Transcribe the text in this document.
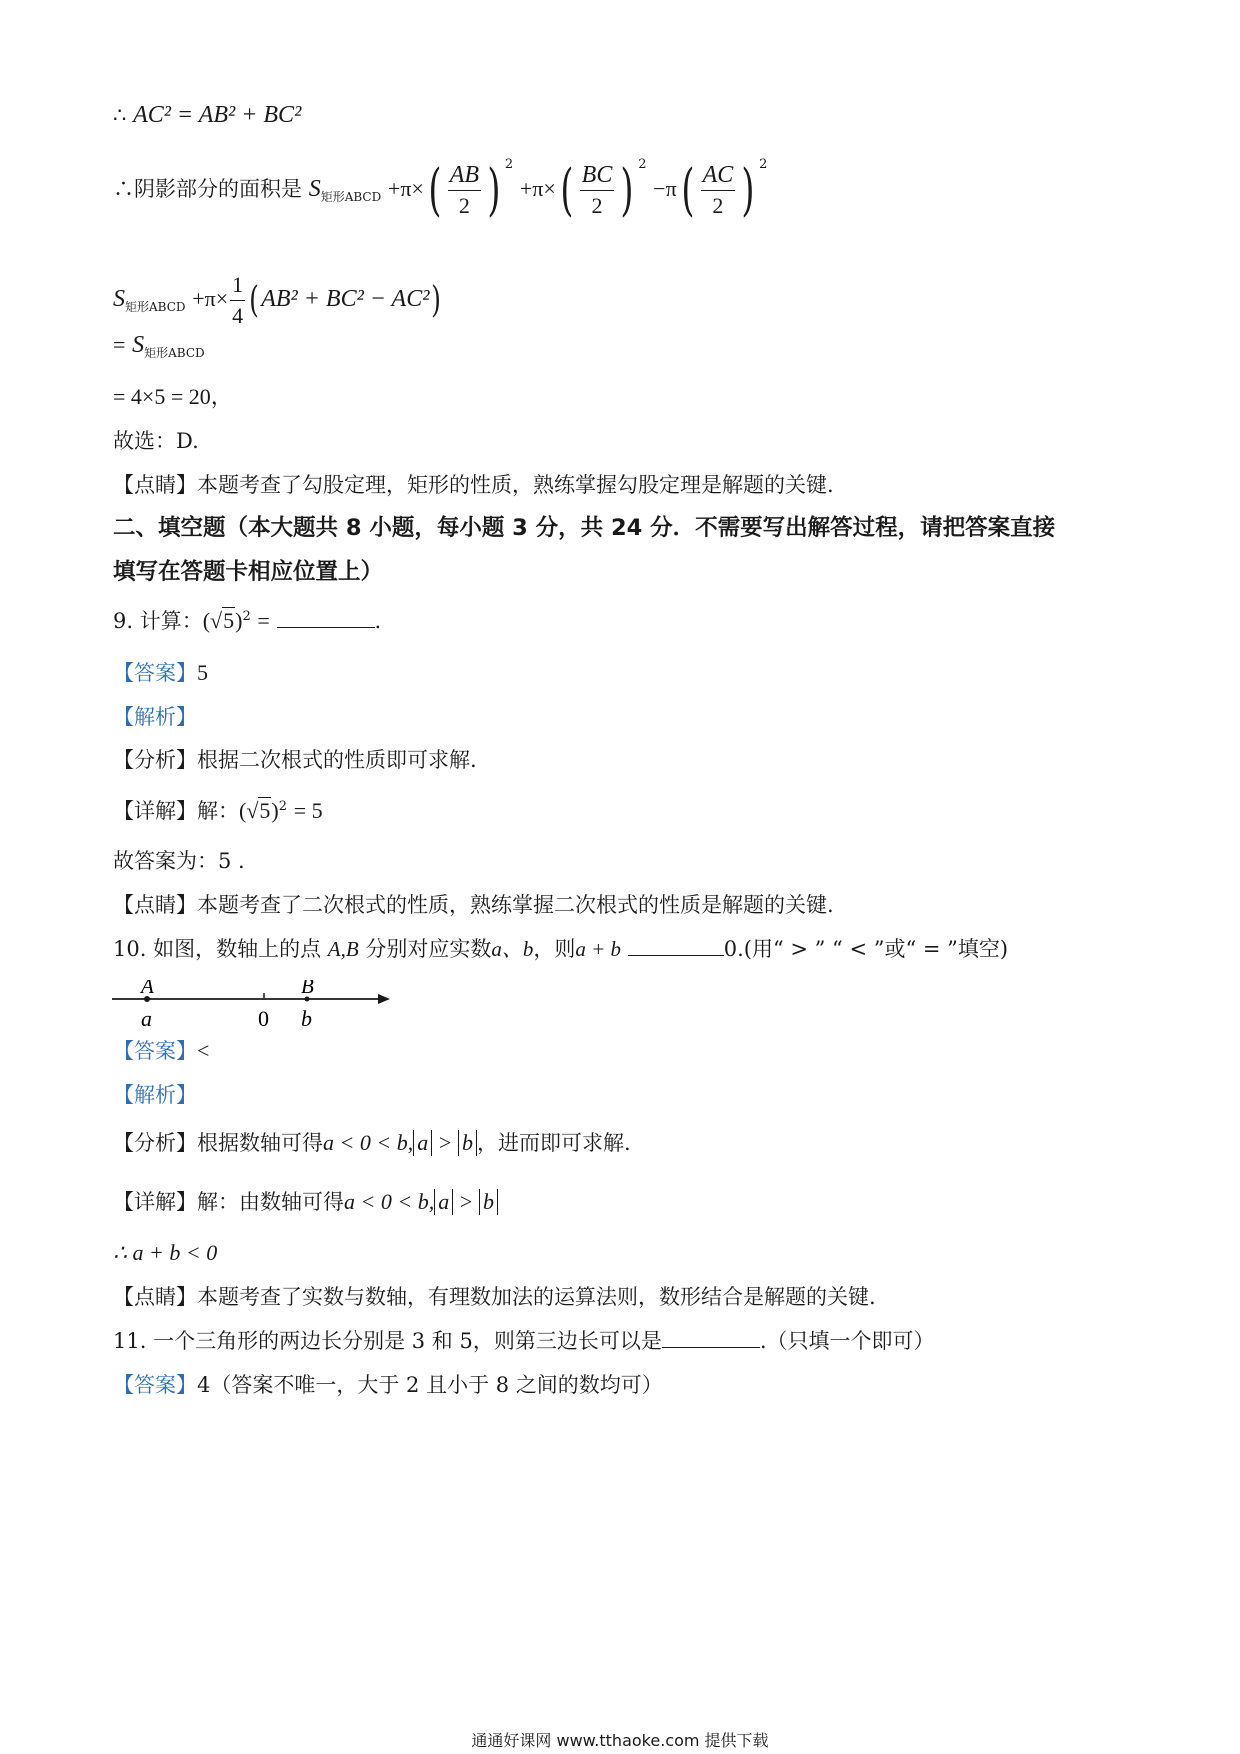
∴ AC² = AB² + BC²
∴阴影部分的面积是 $S_{矩形ABCD} +\pi\times( \frac{AB}{2}$ ) $^2 +\pi\times( \frac{BC}{2}$ ) $^2 -\pi( \frac{AC}{2}$ ) $^2$
$S_{矩形ABCD} +\pi\times \frac{1}{4} (AB^2 + BC^2 - AC^2)$
= $S_{矩形ABCD}$
= 4×5 = 20，
故选：D.
【点睛】本题考查了勾股定理，矩形的性质，熟练掌握勾股定理是解题的关键.
二、填空题（本大题共 8 小题，每小题 3 分，共 24 分．不需要写出解答过程，请把答案直接
填写在答题卡相应位置上）
9. 计算：$(√5)^2$ =	.
【答案】5
【解析】
【分析】根据二次根式的性质即可求解.
【详解】解：$(√5)^2 = 5$
故答案为：5 .
【点睛】本题考查了二次根式的性质，熟练掌握二次根式的性质是解题的关键.
10. 如图，数轴上的点 A,B 分别对应实数a、b，则a + b	0.(用“ > ” “ < ”或“ = ”填空)
A	B
a	0 b
【答案】<
【解析】
【分析】根据数轴可得a < 0 < b, a > b ，进而即可求解.
【详解】解：由数轴可得a < 0 < b, a > b
∴ a + b < 0
【点睛】本题考查了实数与数轴，有理数加法的运算法则，数形结合是解题的关键.
11. 一个三角形的两边长分别是 3 和 5，则第三边长可以是	.（只填一个即可）
【答案】4（答案不唯一，大于 2 且小于 8 之间的数均可）
通通好课网 www.tthaoke.com 提供下载
